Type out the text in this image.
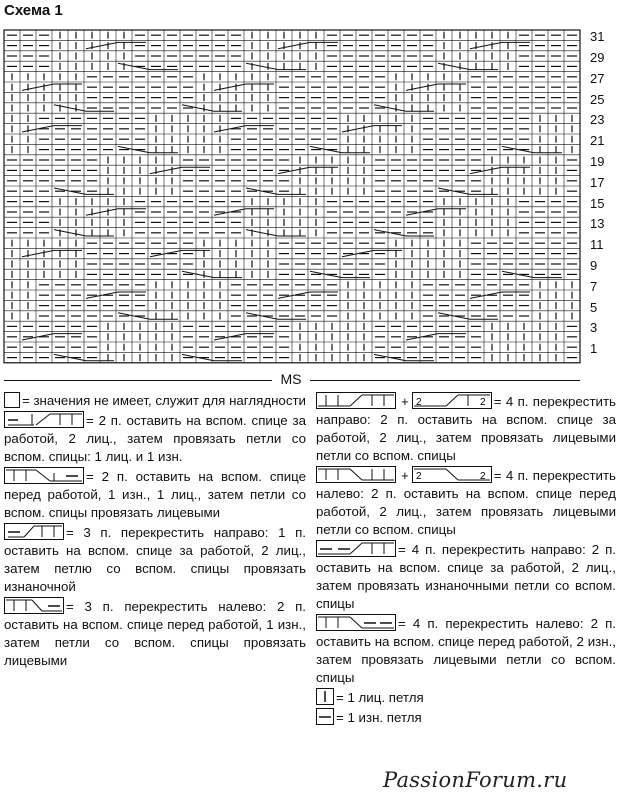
Схема 1
31
29
27
25
23
21
19
17
15
13
11
9
7
5
3
1
MS
= значения не имеет, служит для наглядности
= 2 п. оставить на вспом. спице за работой, 2 лиц., затем провязать петли со вспом. спицы: 1 лиц. и 1 изн.
= 2 п. оставить на вспом. спице перед работой, 1 изн., 1 лиц., затем петли со вспом. спицы провязать лицевыми
= 3 п. перекрестить направо: 1 п. оставить на вспом. спице за работой, 2 лиц., затем петлю со вспом. спицы провязать изнаночной
= 3 п. перекрестить налево: 2 п. оставить на вспом. спице перед работой, 1 изн., затем петли со вспом. спицы провязать лицевыми
+ 2	2 = 4 п. перекрестить направо: 2 п. оставить на вспом. спице за работой, 2 лиц., затем провязать лицевыми петли со вспом. спицы
+ 2	2 = 4 п. перекрестить налево: 2 п. оставить на вспом. спице перед работой, 2 лиц., затем провязать лицевыми петли со вспом. спицы
= 4 п. перекрестить направо: 2 п. оставить на вспом. спице за работой, 2 лиц., затем провязать изнаночными петли со вспом. спицы
= 4 п. перекрестить налево: 2 п. оставить на вспом. спице перед работой, 2 изн., затем провязать лицевыми петли со вспом. спицы
= 1 лиц. петля
= 1 изн. петля
PassionForum.ru
